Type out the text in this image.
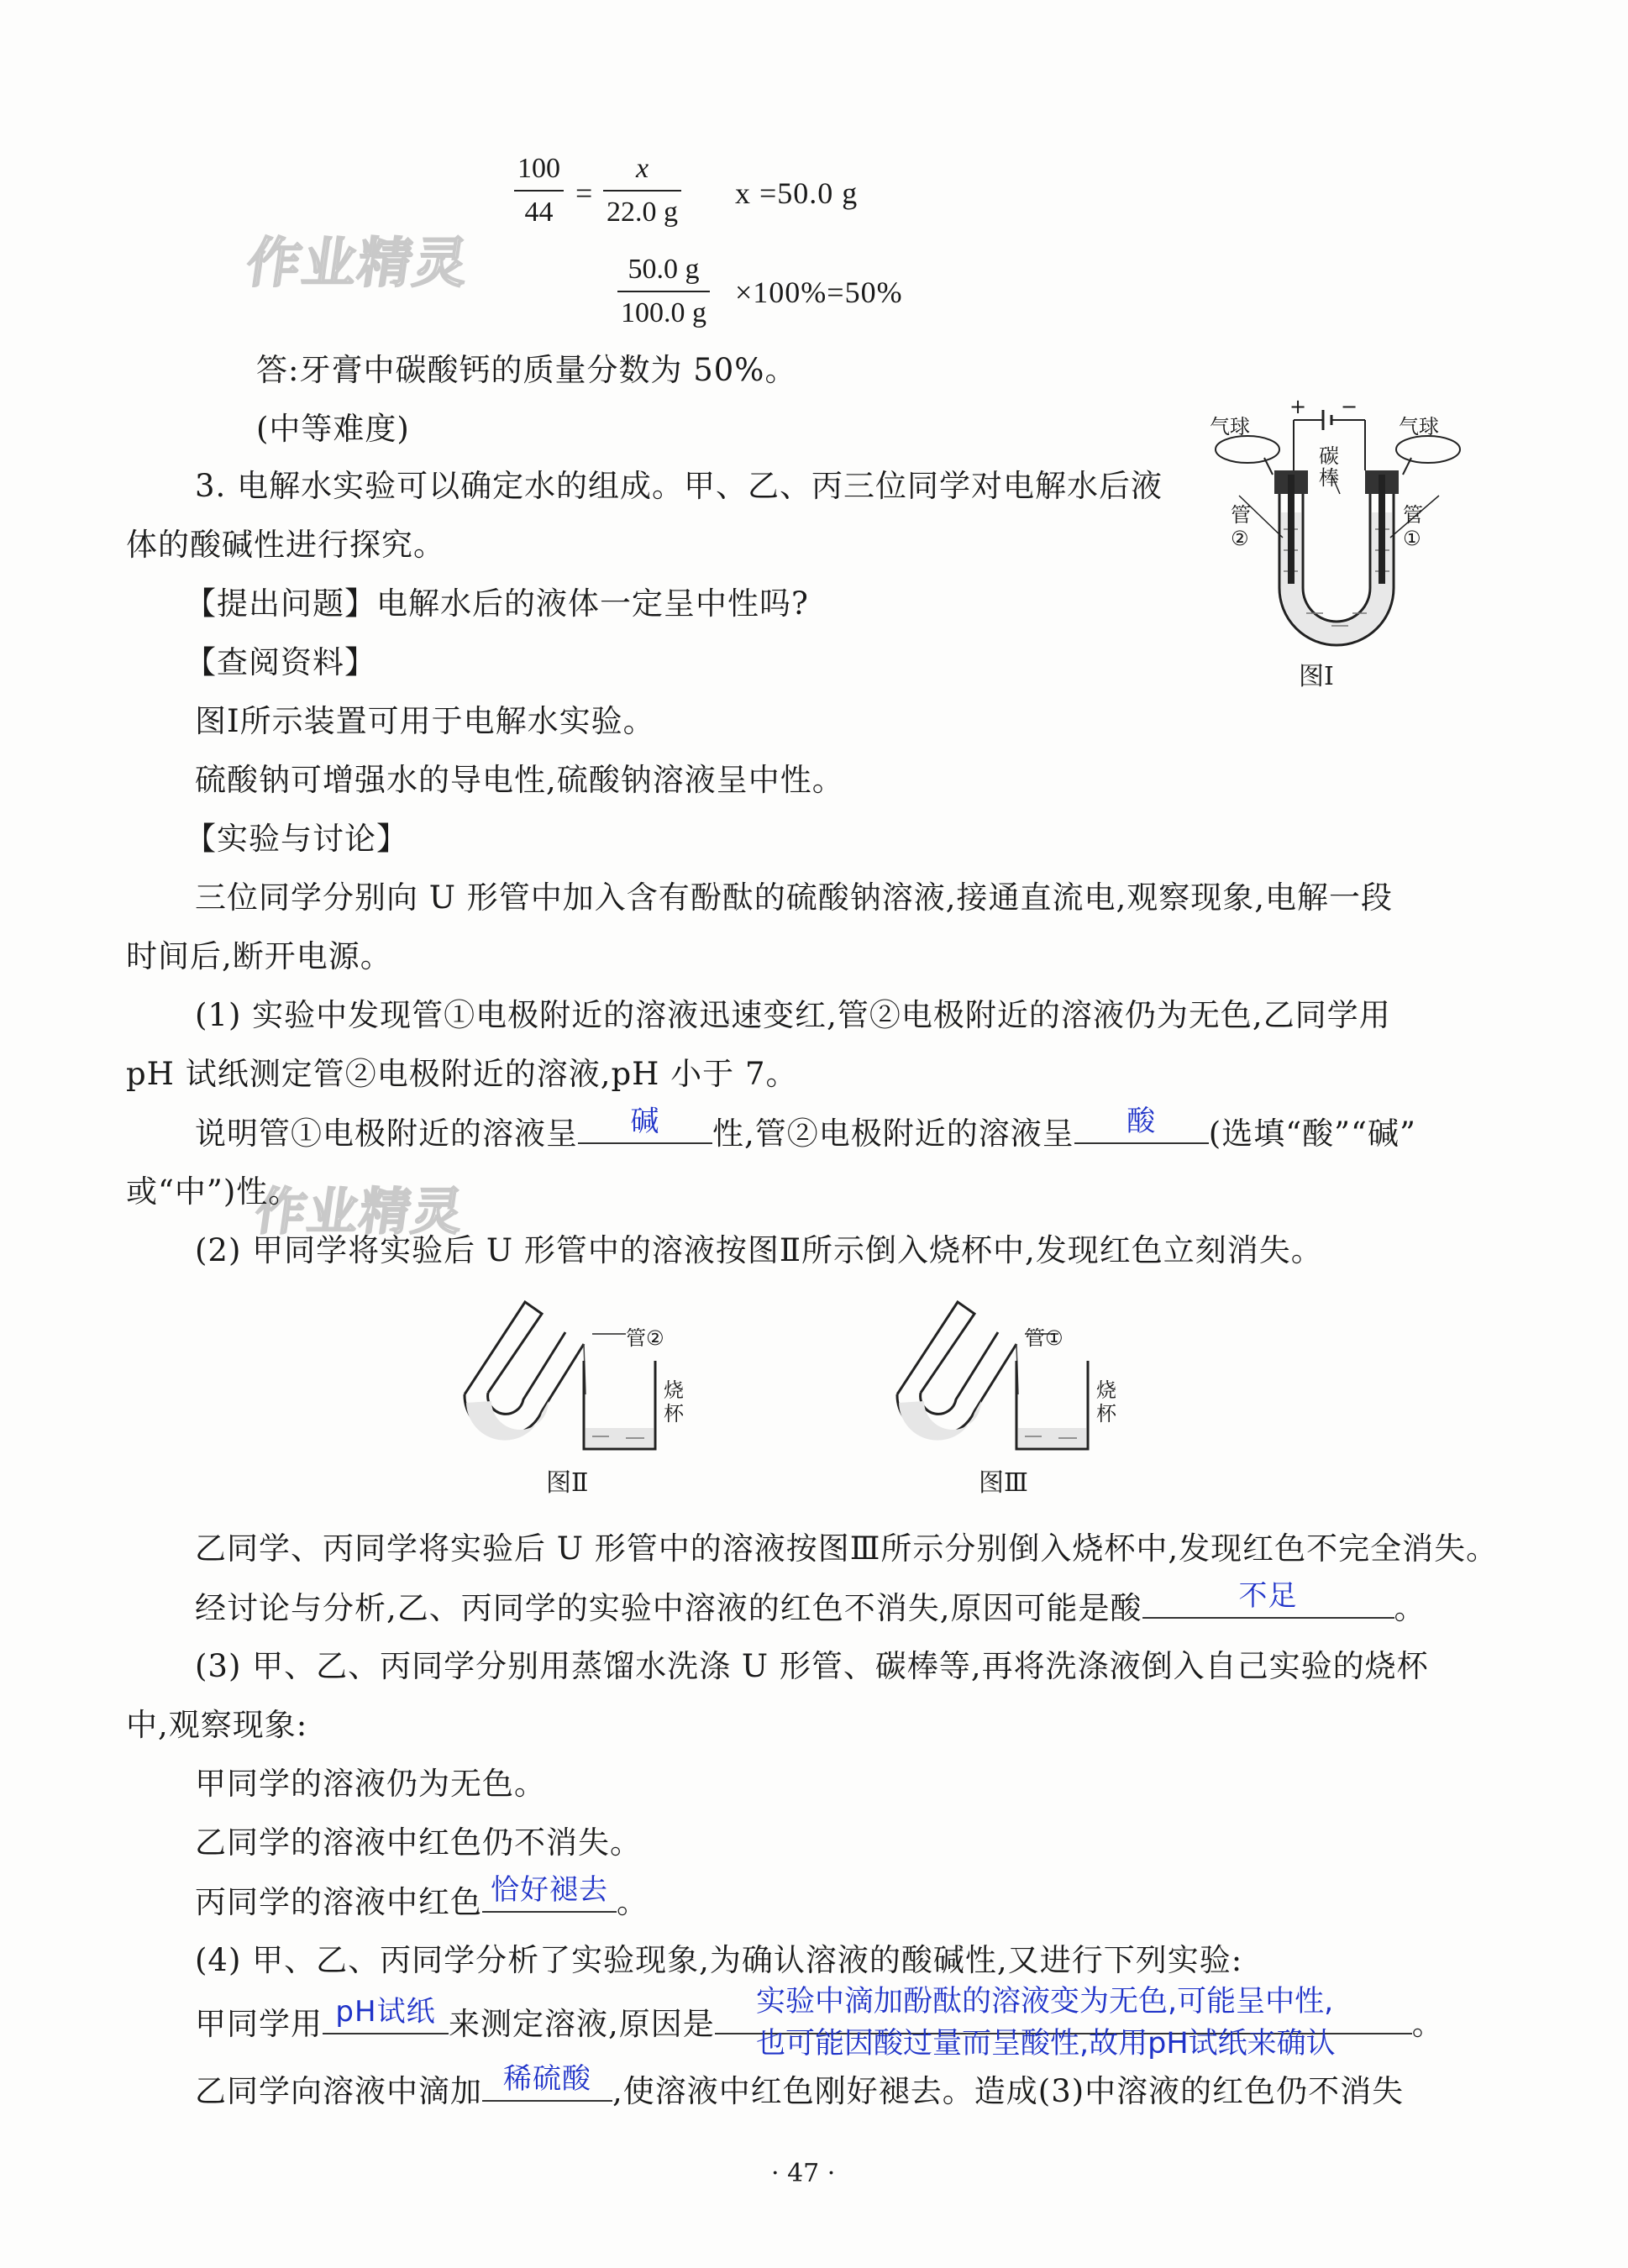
作业精灵
作业精灵
$\frac{100}{44} = \frac{x}{22.0 g}$ x =50.0 g
$\frac{50.0 g}{100.0 g} \times 100\%=50\%$
答:牙膏中碳酸钙的质量分数为 50%。
(中等难度)
+ −
气球	气球
碳
棒
管
②
管
①
图Ⅰ
3. 电解水实验可以确定水的组成。甲、乙、丙三位同学对电解水后液
体的酸碱性进行探究。
【提出问题】电解水后的液体一定呈中性吗?
【查阅资料】
图Ⅰ所示装置可用于电解水实验。
硫酸钠可增强水的导电性,硫酸钠溶液呈中性。
【实验与讨论】
三位同学分别向 U 形管中加入含有酚酞的硫酸钠溶液,接通直流电,观察现象,电解一段
时间后,断开电源。
(1) 实验中发现管①电极附近的溶液迅速变红,管②电极附近的溶液仍为无色,乙同学用
pH 试纸测定管②电极附近的溶液,pH 小于 7。
说明管①电极附近的溶液呈	碱	性,管②电极附近的溶液呈	酸	(选填“酸”“碱”
或“中”)性。
(2) 甲同学将实验后 U 形管中的溶液按图Ⅱ所示倒入烧杯中,发现红色立刻消失。
管②
烧
杯
图Ⅱ
管①
烧
杯
图Ⅲ
乙同学、丙同学将实验后 U 形管中的溶液按图Ⅲ所示分别倒入烧杯中,发现红色不完全消失。
经讨论与分析,乙、丙同学的实验中溶液的红色不消失,原因可能是酸	不足	。
(3) 甲、乙、丙同学分别用蒸馏水洗涤 U 形管、碳棒等,再将洗涤液倒入自己实验的烧杯
中,观察现象:
甲同学的溶液仍为无色。
乙同学的溶液中红色仍不消失。
丙同学的溶液中红色 恰好褪去 。
(4) 甲、乙、丙同学分析了实验现象,为确认溶液的酸碱性,又进行下列实验:
甲同学用 pH试纸 来测定溶液,原因是	。
实验中滴加酚酞的溶液变为无色,可能呈中性,
也可能因酸过量而呈酸性,故用pH试纸来确认
乙同学向溶液中滴加 稀硫酸 ,使溶液中红色刚好褪去。造成(3)中溶液的红色仍不消失
· 47 ·
